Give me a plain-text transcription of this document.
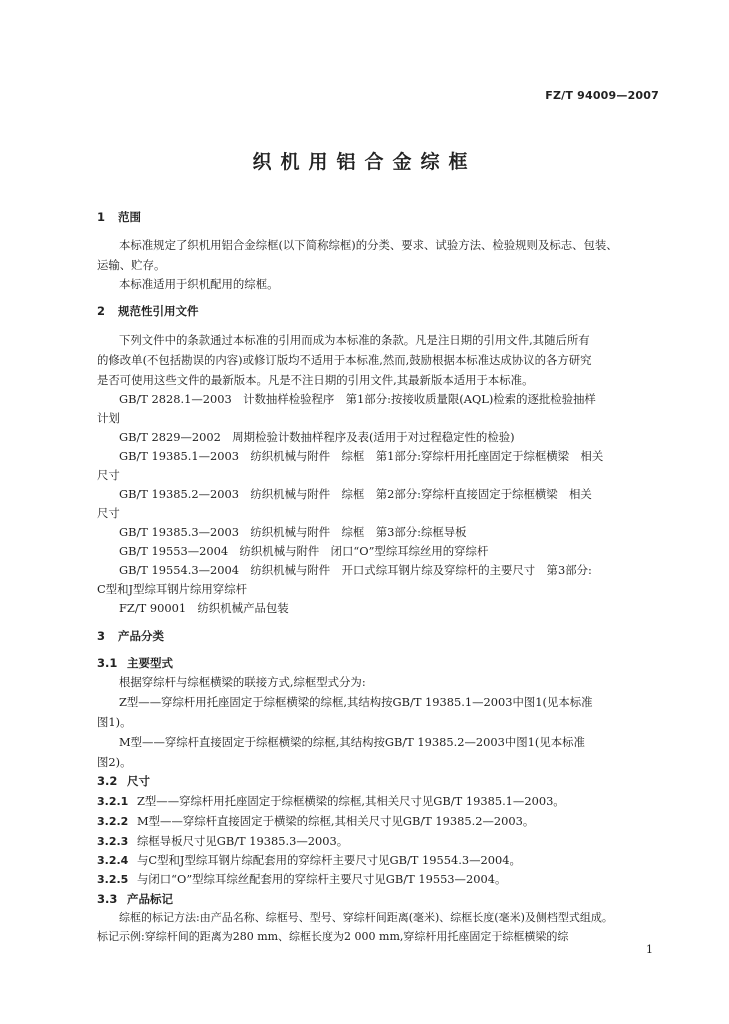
FZ/T 94009—2007
织机用铝合金综框
1 范围
本标准规定了织机用铝合金综框(以下简称综框)的分类、要求、试验方法、检验规则及标志、包装、
运输、贮存。
本标准适用于织机配用的综框。
2 规范性引用文件
下列文件中的条款通过本标准的引用而成为本标准的条款。凡是注日期的引用文件,其随后所有
的修改单(不包括勘误的内容)或修订版均不适用于本标准,然而,鼓励根据本标准达成协议的各方研究
是否可使用这些文件的最新版本。凡是不注日期的引用文件,其最新版本适用于本标准。
GB/T 2828.1—2003　计数抽样检验程序　第1部分:按接收质量限(AQL)检索的逐批检验抽样
计划
GB/T 2829—2002　周期检验计数抽样程序及表(适用于对过程稳定性的检验)
GB/T 19385.1—2003　纺织机械与附件　综框　第1部分:穿综杆用托座固定于综框横梁　相关
尺寸
GB/T 19385.2—2003　纺织机械与附件　综框　第2部分:穿综杆直接固定于综框横梁　相关
尺寸
GB/T 19385.3—2003　纺织机械与附件　综框　第3部分:综框导板
GB/T 19553—2004　纺织机械与附件　闭口“O”型综耳综丝用的穿综杆
GB/T 19554.3—2004　纺织机械与附件　开口式综耳钢片综及穿综杆的主要尺寸　第3部分:
C型和J型综耳钢片综用穿综杆
FZ/T 90001　纺织机械产品包装
3 产品分类
3.1 主要型式
根据穿综杆与综框横梁的联接方式,综框型式分为:
Z型——穿综杆用托座固定于综框横梁的综框,其结构按GB/T 19385.1—2003中图1(见本标准
图1)。
M型——穿综杆直接固定于综框横梁的综框,其结构按GB/T 19385.2—2003中图1(见本标准
图2)。
3.2 尺寸
3.2.1 Z型——穿综杆用托座固定于综框横梁的综框,其相关尺寸见GB/T 19385.1—2003。
3.2.2 M型——穿综杆直接固定于横梁的综框,其相关尺寸见GB/T 19385.2—2003。
3.2.3 综框导板尺寸见GB/T 19385.3—2003。
3.2.4 与C型和J型综耳钢片综配套用的穿综杆主要尺寸见GB/T 19554.3—2004。
3.2.5 与闭口“O”型综耳综丝配套用的穿综杆主要尺寸见GB/T 19553—2004。
3.3 产品标记
综框的标记方法:由产品名称、综框号、型号、穿综杆间距离(毫米)、综框长度(毫米)及侧档型式组成。
标记示例:穿综杆间的距离为280 mm、综框长度为2 000 mm,穿综杆用托座固定于综框横梁的综
1
